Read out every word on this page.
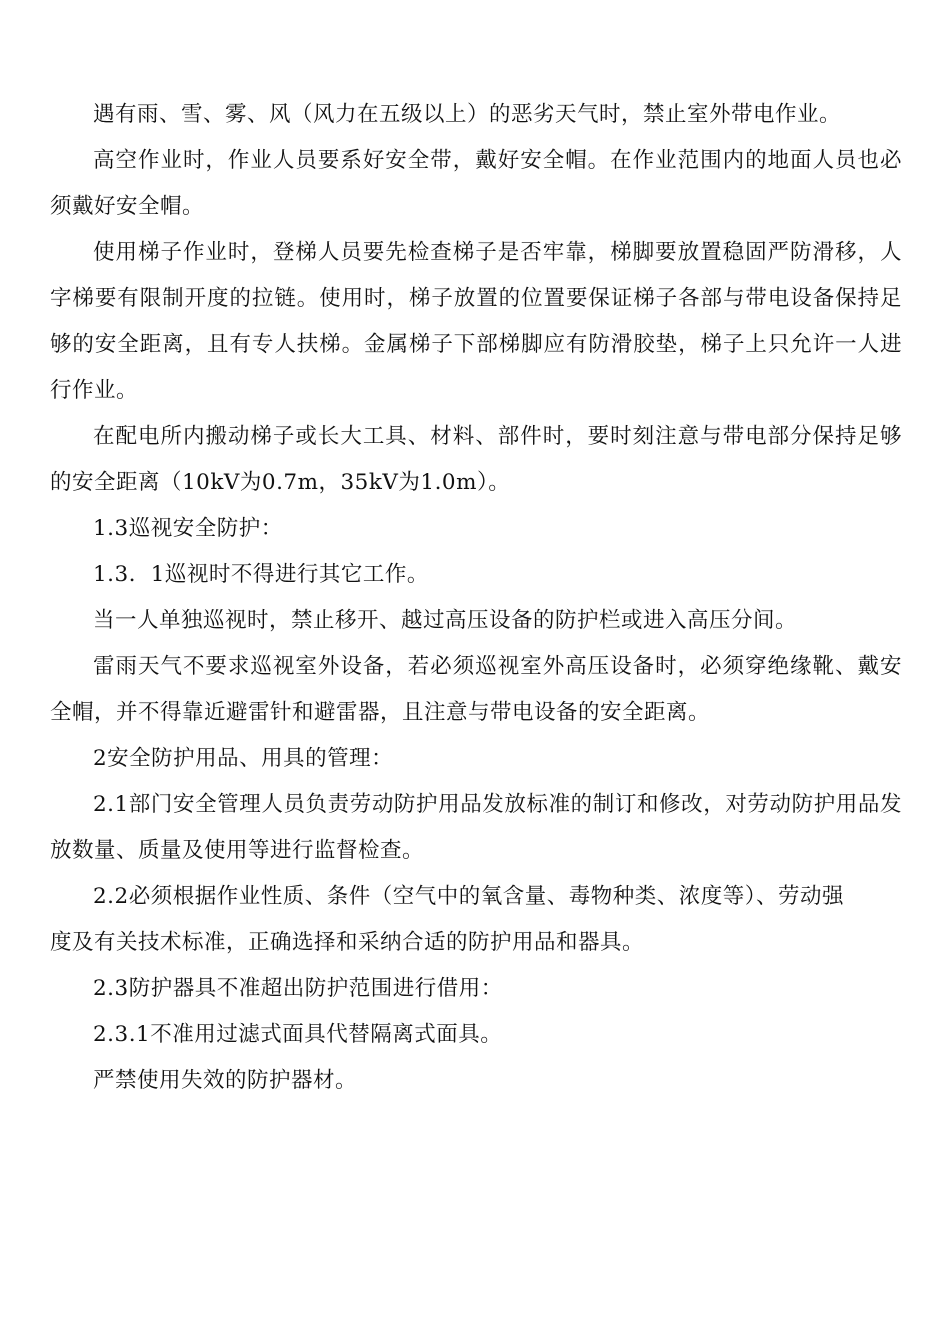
遇有雨、雪、雾、风（风力在五级以上）的恶劣天气时，禁止室外带电作业。

高空作业时，作业人员要系好安全带，戴好安全帽。在作业范围内的地面人员也必须戴好安全帽。

使用梯子作业时，登梯人员要先检查梯子是否牢靠，梯脚要放置稳固严防滑移，人字梯要有限制开度的拉链。使用时，梯子放置的位置要保证梯子各部与带电设备保持足够的安全距离，且有专人扶梯。金属梯子下部梯脚应有防滑胶垫，梯子上只允许一人进行作业。

在配电所内搬动梯子或长大工具、材料、部件时，要时刻注意与带电部分保持足够的安全距离（10kV为0.7m，35kV为1.0m）。

1.3巡视安全防护：

1.3．1巡视时不得进行其它工作。

当一人单独巡视时，禁止移开、越过高压设备的防护栏或进入高压分间。

雷雨天气不要求巡视室外设备，若必须巡视室外高压设备时，必须穿绝缘靴、戴安全帽，并不得靠近避雷针和避雷器，且注意与带电设备的安全距离。

2安全防护用品、用具的管理：

2.1部门安全管理人员负责劳动防护用品发放标准的制订和修改，对劳动防护用品发放数量、质量及使用等进行监督检查。

2.2必须根据作业性质、条件（空气中的氧含量、毒物种类、浓度等）、劳动强

度及有关技术标准，正确选择和采纳合适的防护用品和器具。

2.3防护器具不准超出防护范围进行借用：

2.3.1不准用过滤式面具代替隔离式面具。

严禁使用失效的防护器材。
